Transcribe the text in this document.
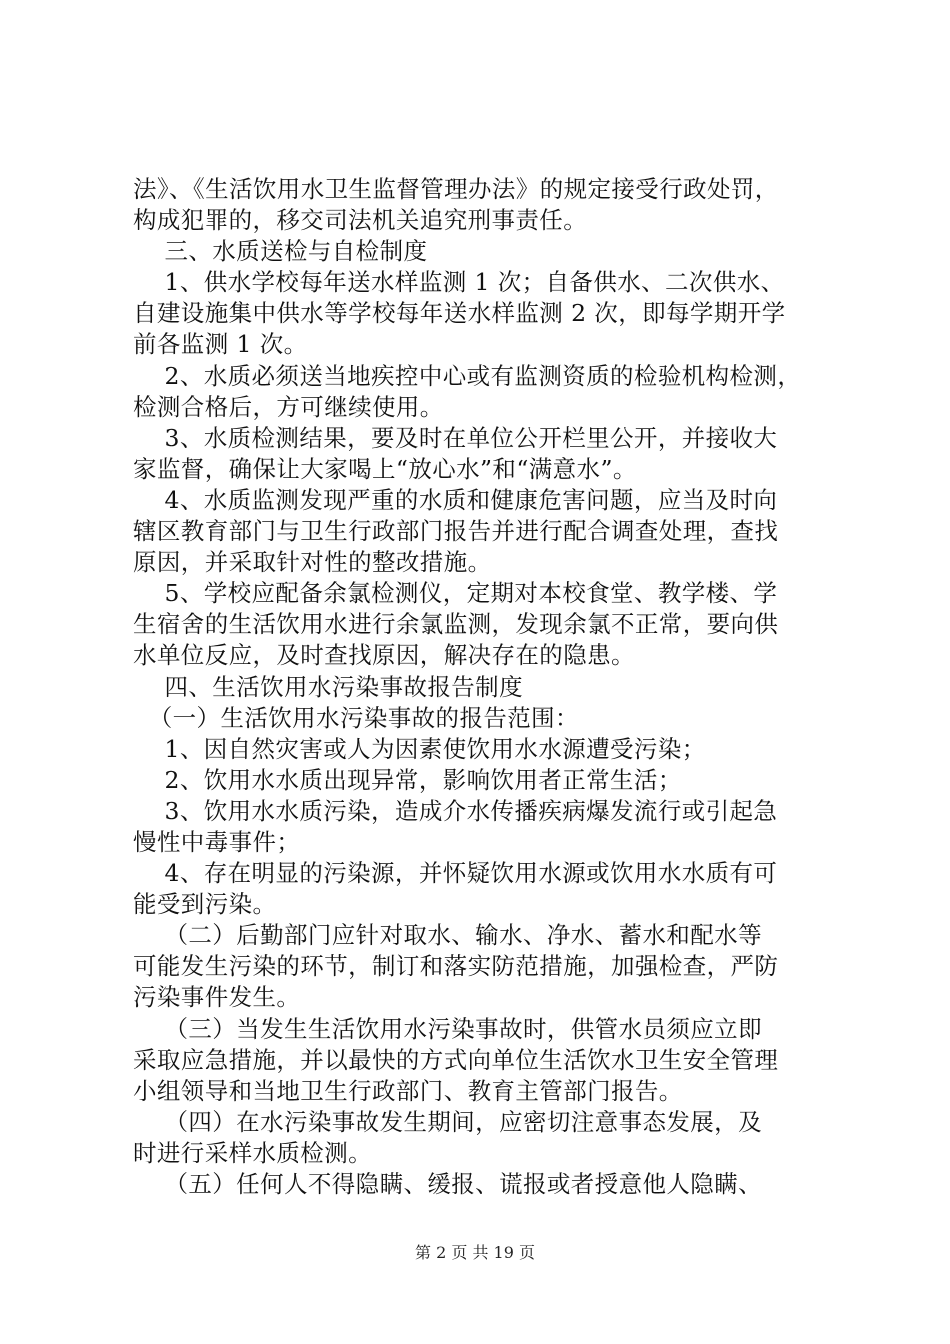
法》、《生活饮用水卫生监督管理办法》的规定接受行政处罚，
构成犯罪的，移交司法机关追究刑事责任。
三、水质送检与自检制度
1、供水学校每年送水样监测 1 次；自备供水、二次供水、
自建设施集中供水等学校每年送水样监测 2 次，即每学期开学
前各监测 1 次。
2、水质必须送当地疾控中心或有监测资质的检验机构检测，
检测合格后，方可继续使用。
3、水质检测结果，要及时在单位公开栏里公开，并接收大
家监督，确保让大家喝上“放心水”和“满意水”。
4、水质监测发现严重的水质和健康危害问题，应当及时向
辖区教育部门与卫生行政部门报告并进行配合调查处理，查找
原因，并采取针对性的整改措施。
5、学校应配备余氯检测仪，定期对本校食堂、教学楼、学
生宿舍的生活饮用水进行余氯监测，发现余氯不正常，要向供
水单位反应，及时查找原因，解决存在的隐患。
四、生活饮用水污染事故报告制度
（一）生活饮用水污染事故的报告范围：
1、因自然灾害或人为因素使饮用水水源遭受污染；
2、饮用水水质出现异常，影响饮用者正常生活；
3、饮用水水质污染，造成介水传播疾病爆发流行或引起急
慢性中毒事件；
4、存在明显的污染源，并怀疑饮用水源或饮用水水质有可
能受到污染。
（二）后勤部门应针对取水、输水、净水、蓄水和配水等
可能发生污染的环节，制订和落实防范措施，加强检查，严防
污染事件发生。
（三）当发生生活饮用水污染事故时，供管水员须应立即
采取应急措施，并以最快的方式向单位生活饮水卫生安全管理
小组领导和当地卫生行政部门、教育主管部门报告。
（四）在水污染事故发生期间，应密切注意事态发展，及
时进行采样水质检测。
（五）任何人不得隐瞒、缓报、谎报或者授意他人隐瞒、
第 2 页 共 19 页
